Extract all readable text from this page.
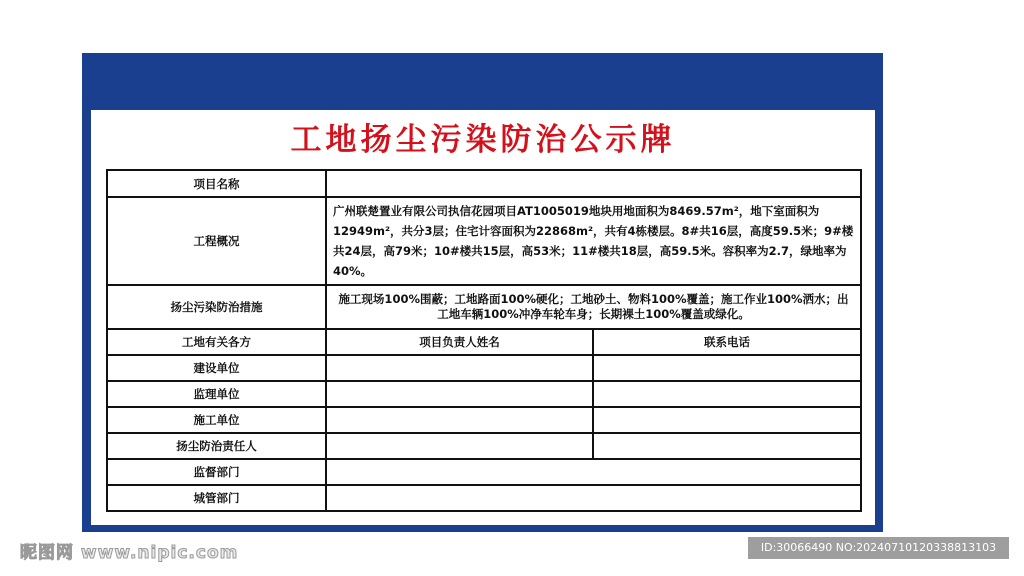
工地扬尘污染防治公示牌
项目名称		
工程概况	广州联楚置业有限公司执信花园项目AT1005019地块用地面积为8469.57m²，地下室面积为12949m²，共分3层；住宅计容面积为22868m²，共有4栋楼层。8#共16层，高度59.5米；9#楼共24层，高79米；10#楼共15层，高53米；11#楼共18层，高59.5米。容积率为2.7，绿地率为40%。	
扬尘污染防治措施	施工现场100%围蔽；工地路面100%硬化；工地砂土、物料100%覆盖；施工作业100%洒水；出工地车辆100%冲净车轮车身；长期裸土100%覆盖或绿化。	
工地有关各方	项目负责人姓名	联系电话
建设单位		
监理单位		
施工单位		
扬尘防治责任人		
监督部门		
城管部门		
昵图网 www.nipic.com	ID:30066490 NO:20240710120338813103
